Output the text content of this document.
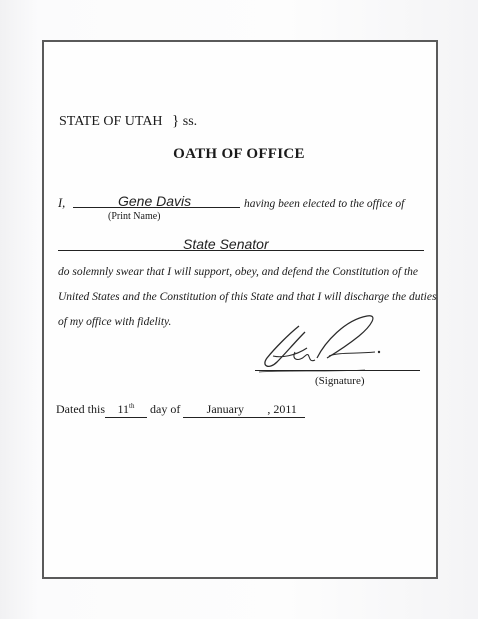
STATE OF UTAH } ss.
OATH OF OFFICE
I,	Gene Davis
(Print Name)
having been elected to the office of
State Senator
do solemnly swear that I will support, obey, and defend the Constitution of the
United States and the Constitution of this State and that I will discharge the duties
of my office with fidelity.
(Signature)
Dated this 11th day of January , 2011
